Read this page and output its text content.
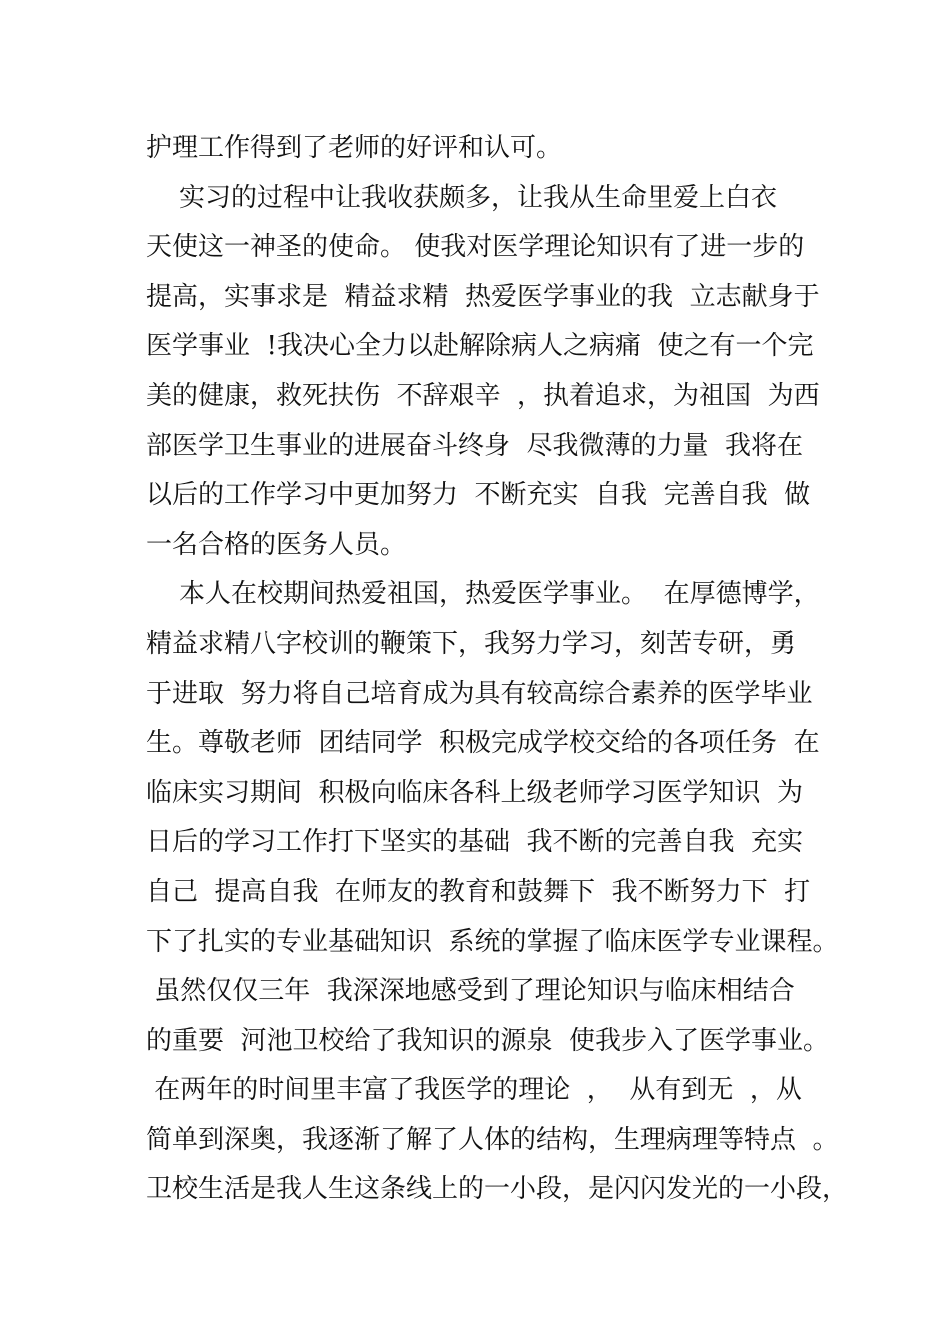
护理工作得到了老师的好评和认可。
实习的过程中让我收获颇多，让我从生命里爱上白衣
天使这一神圣的使命。 使我对医学理论知识有了进一步的
提高，实事求是  精益求精  热爱医学事业的我  立志献身于
医学事业  !我决心全力以赴解除病人之病痛  使之有一个完
美的健康，救死扶伤  不辞艰辛  ，执着追求，为祖国  为西
部医学卫生事业的进展奋斗终身  尽我微薄的力量  我将在
以后的工作学习中更加努力  不断充实  自我  完善自我  做
一名合格的医务人员。
本人在校期间热爱祖国，热爱医学事业。  在厚德博学，
精益求精八字校训的鞭策下，我努力学习，刻苦专研，勇
于进取  努力将自己培育成为具有较高综合素养的医学毕业
生。尊敬老师  团结同学  积极完成学校交给的各项任务  在
临床实习期间  积极向临床各科上级老师学习医学知识  为
日后的学习工作打下坚实的基础  我不断的完善自我  充实
自己  提高自我  在师友的教育和鼓舞下  我不断努力下  打
下了扎实的专业基础知识  系统的掌握了临床医学专业课程。
虽然仅仅三年  我深深地感受到了理论知识与临床相结合
的重要  河池卫校给了我知识的源泉  使我步入了医学事业。
在两年的时间里丰富了我医学的理论  ，  从有到无  ，从
简单到深奥，我逐渐了解了人体的结构，生理病理等特点  。
卫校生活是我人生这条线上的一小段，是闪闪发光的一小段，
